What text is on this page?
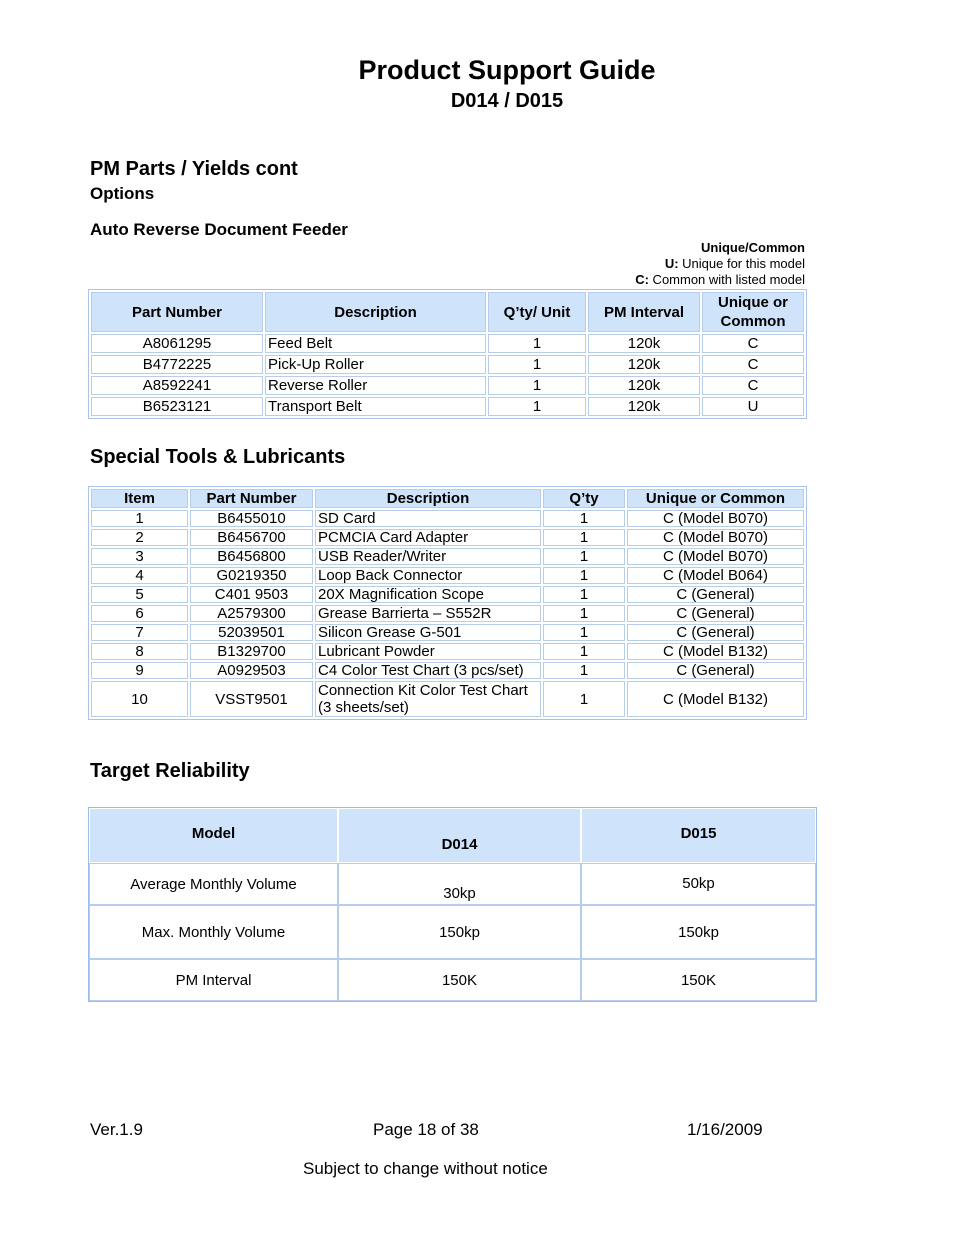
Product Support Guide
D014 / D015
PM Parts / Yields cont
Options
Auto Reverse Document Feeder
Unique/Common
U: Unique for this model
C: Common with listed model
Part Number	Description	Q’ty/ Unit	PM Interval	Unique or Common
A8061295	Feed Belt	1	120k	C
B4772225	Pick-Up Roller	1	120k	C
A8592241	Reverse Roller	1	120k	C
B6523121	Transport Belt	1	120k	U
Special Tools & Lubricants
Item	Part Number	Description	Q’ty	Unique or Common
1	B6455010	SD Card	1	C (Model B070)
2	B6456700	PCMCIA Card Adapter	1	C (Model B070)
3	B6456800	USB Reader/Writer	1	C (Model B070)
4	G0219350	Loop Back Connector	1	C (Model B064)
5	C401 9503	20X Magnification Scope	1	C (General)
6	A2579300	Grease Barrierta – S552R	1	C (General)
7	52039501	Silicon Grease G-501	1	C (General)
8	B1329700	Lubricant Powder	1	C (Model B132)
9	A0929503	C4 Color Test Chart (3 pcs/set)	1	C (General)
10	VSST9501	Connection Kit Color Test Chart (3 sheets/set)	1	C (Model B132)
Target Reliability
Model	D014	D015
Average Monthly Volume	30kp	50kp
Max. Monthly Volume	150kp	150kp
PM Interval	150K	150K
Ver.1.9	Page 18 of 38	1/16/2009
Subject to change without notice
